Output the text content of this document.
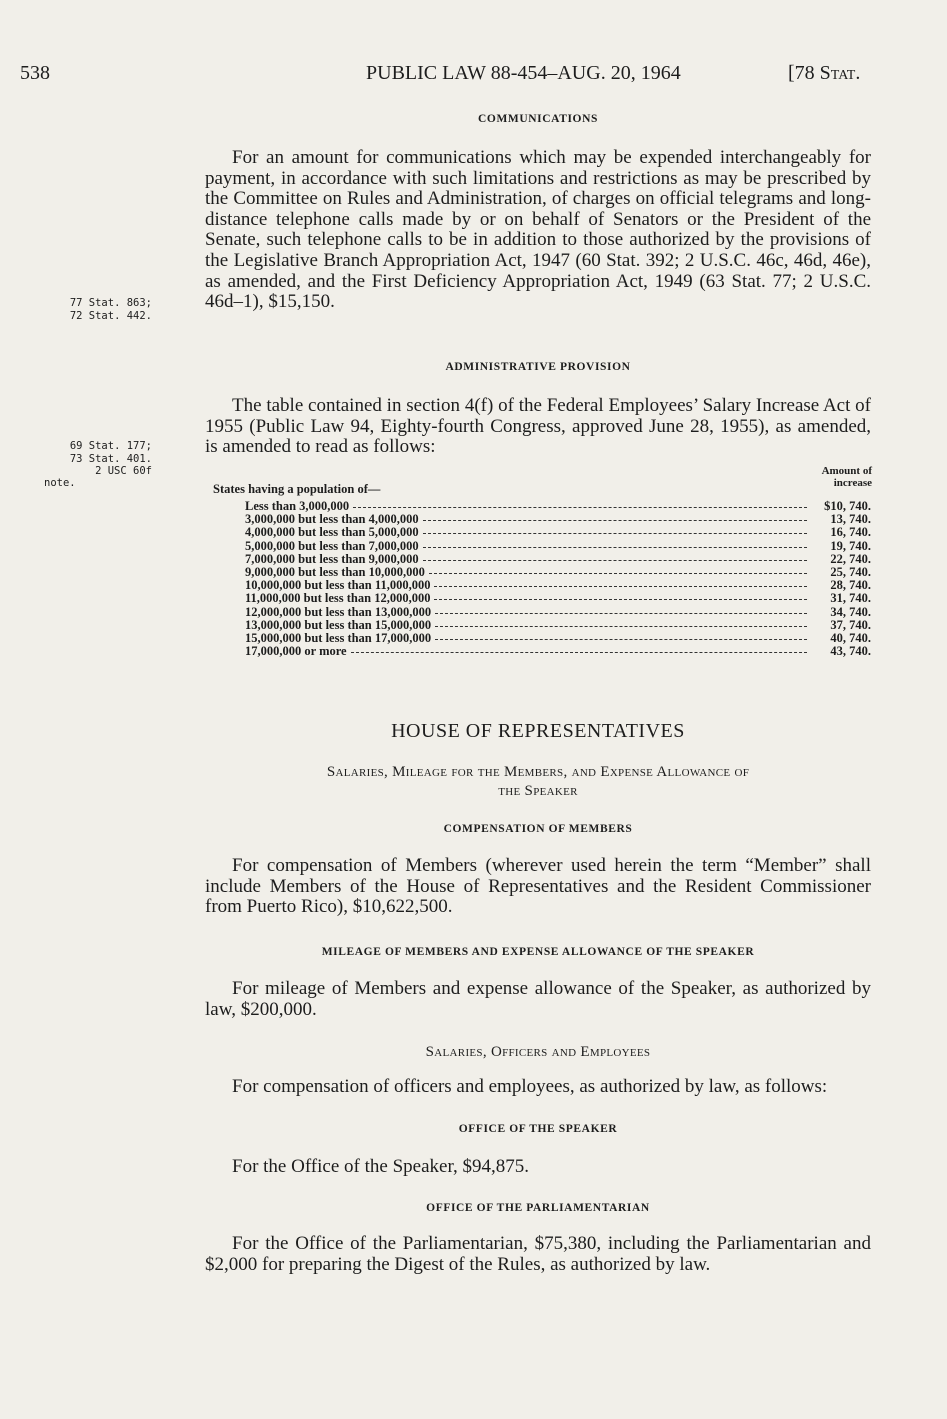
538	PUBLIC LAW 88-454–AUG. 20, 1964	[78 Stat.
COMMUNICATIONS

For an amount for communications which may be expended interchangeably for payment, in accordance with such limitations and restrictions as may be prescribed by the Committee on Rules and Administration, of charges on official telegrams and long-distance telephone calls made by or on behalf of Senators or the President of the Senate, such telephone calls to be in addition to those authorized by the provisions of the Legislative Branch Appropriation Act, 1947 (60 Stat. 392; 2 U.S.C. 46c, 46d, 46e), as amended, and the First Deficiency Appropriation Act, 1949 (63 Stat. 77; 2 U.S.C. 46d–1), $15,150.

77 Stat. 863;
72 Stat. 442.
ADMINISTRATIVE PROVISION

The table contained in section 4(f) of the Federal Employees’ Salary Increase Act of 1955 (Public Law 94, Eighty-fourth Congress, approved June 28, 1955), as amended, is amended to read as follows:

69 Stat. 177;
73 Stat. 401.
2 USC 60f
note.
Amount of
increase
States having a population of—
Less than 3,000,000	$10, 740.
3,000,000 but less than 4,000,000	13, 740.
4,000,000 but less than 5,000,000	16, 740.
5,000,000 but less than 7,000,000	19, 740.
7,000,000 but less than 9,000,000	22, 740.
9,000,000 but less than 10,000,000	25, 740.
10,000,000 but less than 11,000,000	28, 740.
11,000,000 but less than 12,000,000	31, 740.
12,000,000 but less than 13,000,000	34, 740.
13,000,000 but less than 15,000,000	37, 740.
15,000,000 but less than 17,000,000	40, 740.
17,000,000 or more	43, 740.
HOUSE OF REPRESENTATIVES
Salaries, Mileage for the Members, and Expense Allowance of
the Speaker
COMPENSATION OF MEMBERS

For compensation of Members (wherever used herein the term “Member” shall include Members of the House of Representatives and the Resident Commissioner from Puerto Rico), $10,622,500.

MILEAGE OF MEMBERS AND EXPENSE ALLOWANCE OF THE SPEAKER

For mileage of Members and expense allowance of the Speaker, as authorized by law, $200,000.

Salaries, Officers and Employees

For compensation of officers and employees, as authorized by law, as follows:

OFFICE OF THE SPEAKER

For the Office of the Speaker, $94,875.

OFFICE OF THE PARLIAMENTARIAN

For the Office of the Parliamentarian, $75,380, including the Parliamentarian and $2,000 for preparing the Digest of the Rules, as authorized by law.
